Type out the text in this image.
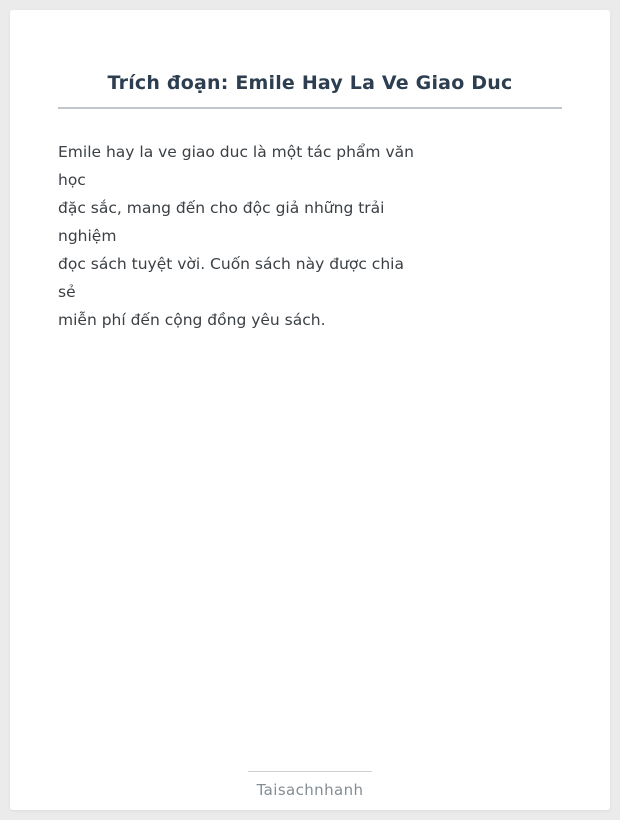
Trích đoạn: Emile Hay La Ve Giao Duc
Emile hay la ve giao duc là một tác phẩm văn
học
đặc sắc, mang đến cho độc giả những trải
nghiệm
đọc sách tuyệt vời. Cuốn sách này được chia
sẻ
miễn phí đến cộng đồng yêu sách.
Taisachnhanh
